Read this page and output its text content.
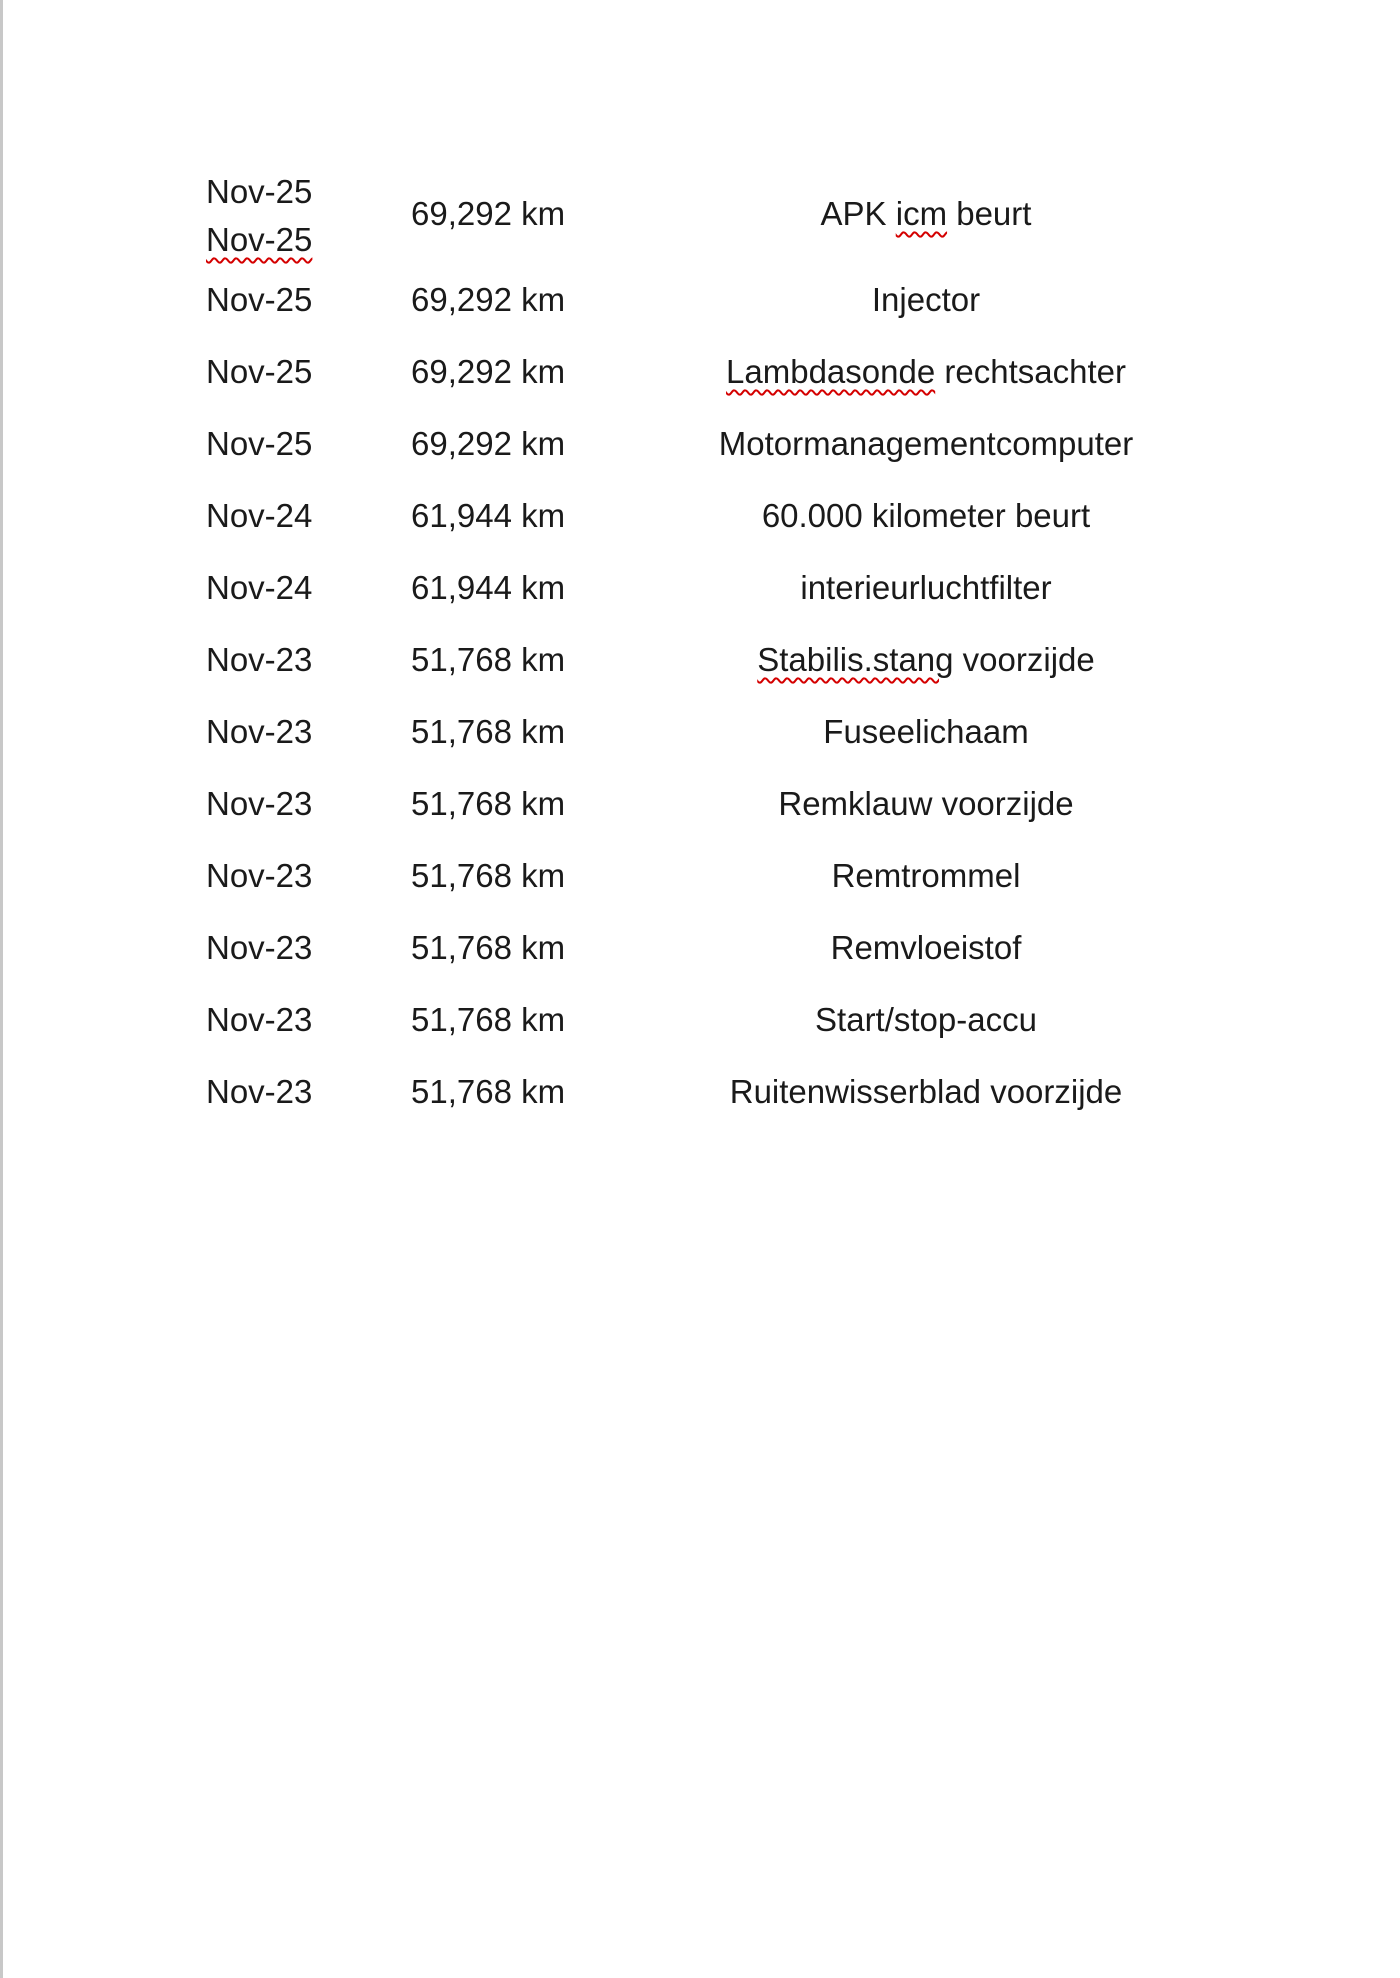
Nov-25
Nov-25
69,292 km	APK icm beurt
Nov-25	69,292 km	Injector
Nov-25	69,292 km	Lambdasonde rechtsachter
Nov-25	69,292 km	Motormanagementcomputer
Nov-24	61,944 km	60.000 kilometer beurt
Nov-24	61,944 km	interieurluchtfilter
Nov-23	51,768 km	Stabilis.stang voorzijde
Nov-23	51,768 km	Fuseelichaam
Nov-23	51,768 km	Remklauw voorzijde
Nov-23	51,768 km	Remtrommel
Nov-23	51,768 km	Remvloeistof
Nov-23	51,768 km	Start/stop-accu
Nov-23	51,768 km	Ruitenwisserblad voorzijde
